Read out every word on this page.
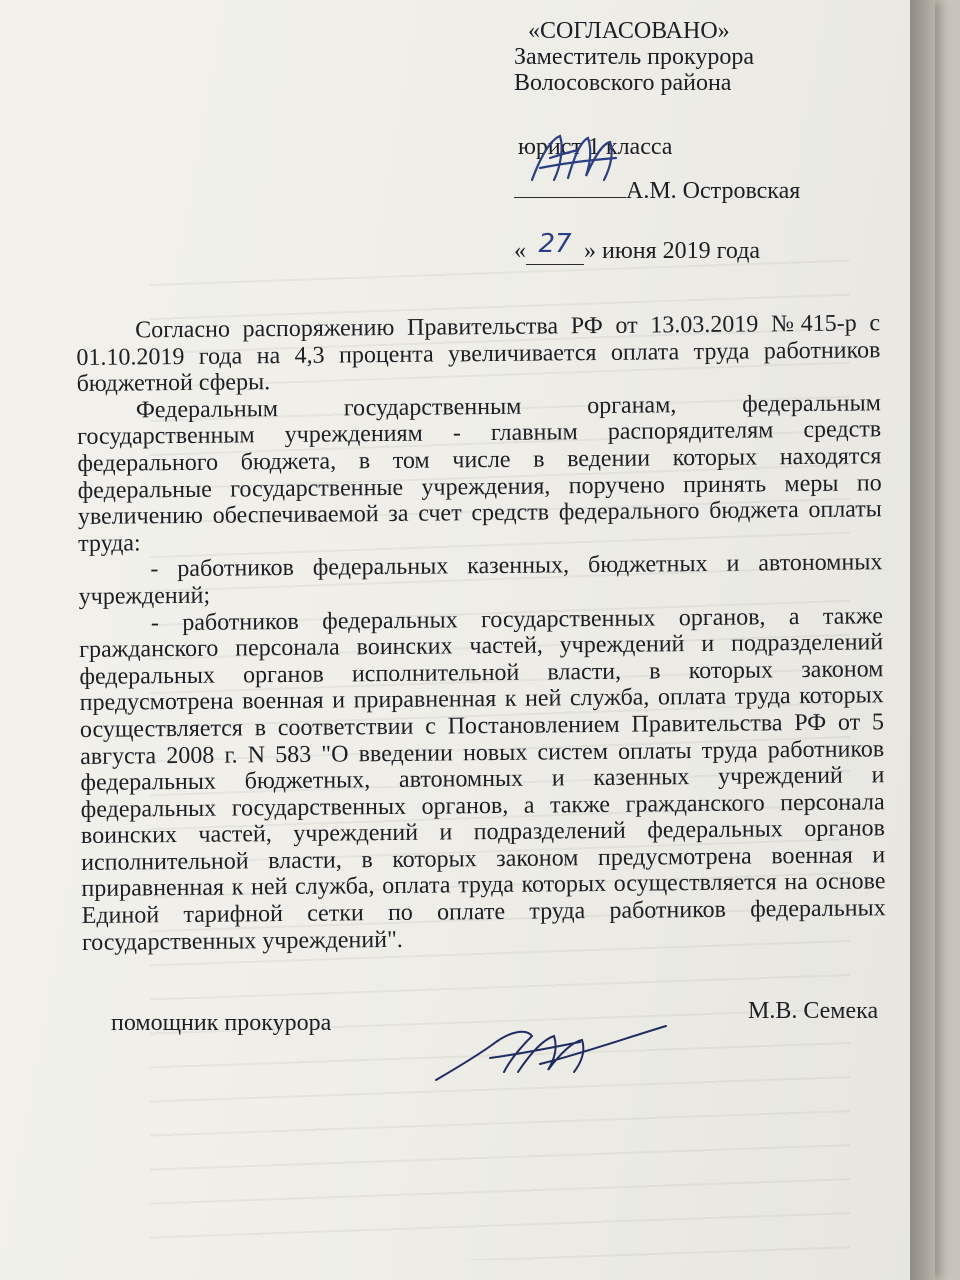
«СОГЛАСОВАНО»
Заместитель прокурора
Волосовского района
юрист 1 класса
А.М. Островская
« 27 » июня 2019 года

Согласно распоряжению Правительства РФ от 13.03.2019 №415-р с 01.10.2019 года на 4,3 процента увеличивается оплата труда работников бюджетной сферы.

Федеральным государственным органам, федеральным государственным учреждениям - главным распорядителям средств федерального бюджета, в том числе в ведении которых находятся федеральные государственные учреждения, поручено принять меры по увеличению обеспечиваемой за счет средств федерального бюджета оплаты труда:

- работников федеральных казенных, бюджетных и автономных учреждений;

- работников федеральных государственных органов, а также гражданского персонала воинских частей, учреждений и подразделений федеральных органов исполнительной власти, в которых законом предусмотрена военная и приравненная к ней служба, оплата труда которых осуществляется в соответствии с Постановлением Правительства РФ от 5 августа 2008 г. N 583 "О введении новых систем оплаты труда работников федеральных бюджетных, автономных и казенных учреждений и федеральных государственных органов, а также гражданского персонала воинских частей, учреждений и подразделений федеральных органов исполнительной власти, в которых законом предусмотрена военная и приравненная к ней служба, оплата труда которых осуществляется на основе Единой тарифной сетки по оплате труда работников федеральных государственных учреждений".

помощник прокурора	М.В. Семека
